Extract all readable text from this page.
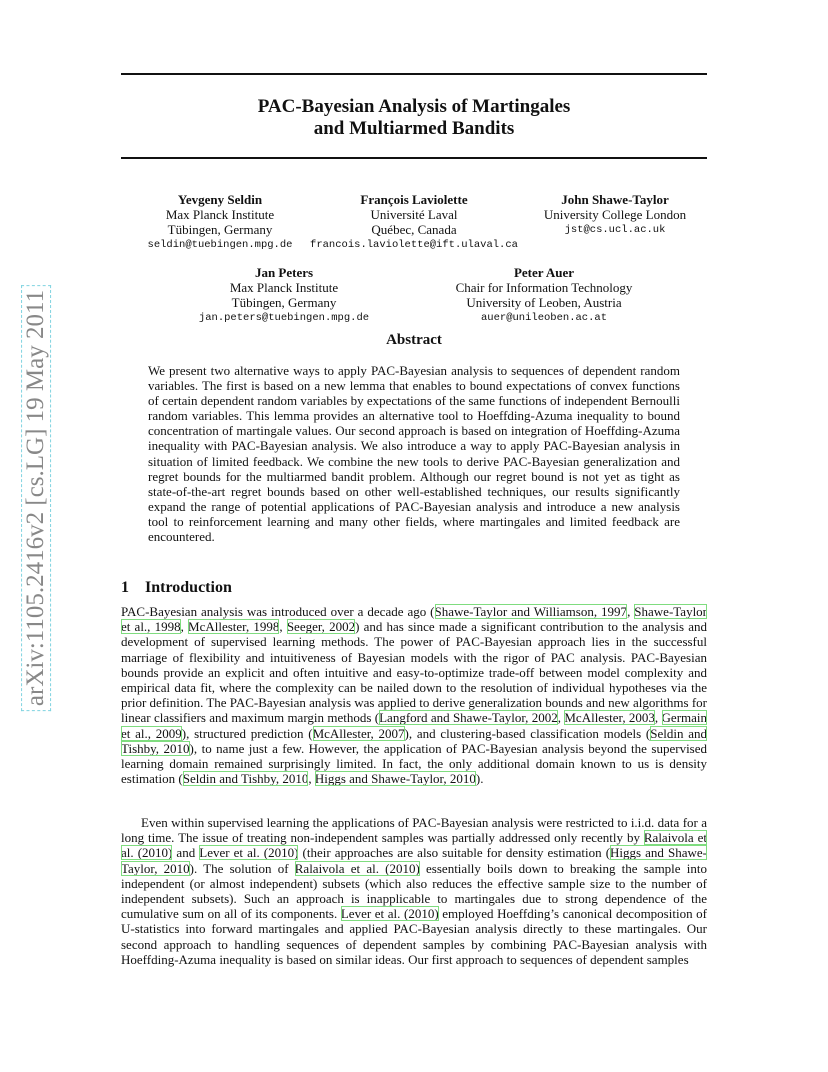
arXiv:1105.2416v2 [cs.LG] 19 May 2011
PAC-Bayesian Analysis of Martingales
and Multiarmed Bandits
Yevgeny Seldin
Max Planck Institute
Tübingen, Germany
seldin@tuebingen.mpg.de
François Laviolette
Université Laval
Québec, Canada
francois.laviolette@ift.ulaval.ca
John Shawe-Taylor
University College London
jst@cs.ucl.ac.uk
Jan Peters
Max Planck Institute
Tübingen, Germany
jan.peters@tuebingen.mpg.de
Peter Auer
Chair for Information Technology
University of Leoben, Austria
auer@unileoben.ac.at
Abstract

We present two alternative ways to apply PAC-Bayesian analysis to sequences of dependent random variables. The first is based on a new lemma that enables to bound expectations of convex functions of certain dependent random variables by expectations of the same functions of independent Bernoulli random variables. This lemma provides an alternative tool to Hoeffding-Azuma inequality to bound concentration of martingale values. Our second approach is based on integration of Hoeffding-Azuma inequality with PAC-Bayesian analysis. We also introduce a way to apply PAC-Bayesian analysis in situation of limited feedback. We combine the new tools to derive PAC-Bayesian generalization and regret bounds for the multiarmed bandit problem. Although our regret bound is not yet as tight as state-of-the-art regret bounds based on other well-established techniques, our results significantly expand the range of potential applications of PAC-Bayesian analysis and introduce a new analysis tool to reinforcement learning and many other fields, where martingales and limited feedback are encountered.

1 Introduction

PAC-Bayesian analysis was introduced over a decade ago (Shawe-Taylor and Williamson, 1997, Shawe-Taylor et al., 1998, McAllester, 1998, Seeger, 2002) and has since made a significant contribution to the analysis and development of supervised learning methods. The power of PAC-Bayesian approach lies in the successful marriage of flexibility and intuitiveness of Bayesian models with the rigor of PAC analysis. PAC-Bayesian bounds provide an explicit and often intuitive and easy-to-optimize trade-off between model complexity and empirical data fit, where the complexity can be nailed down to the resolution of individual hypotheses via the prior definition. The PAC-Bayesian analysis was applied to derive generalization bounds and new algorithms for linear classifiers and maximum margin methods (Langford and Shawe-Taylor, 2002, McAllester, 2003, Germain et al., 2009), structured prediction (McAllester, 2007), and clustering-based classification models (Seldin and Tishby, 2010), to name just a few. However, the application of PAC-Bayesian analysis beyond the supervised learning domain remained surprisingly limited. In fact, the only additional domain known to us is density estimation (Seldin and Tishby, 2010, Higgs and Shawe-Taylor, 2010).

Even within supervised learning the applications of PAC-Bayesian analysis were restricted to i.i.d. data for a long time. The issue of treating non-independent samples was partially addressed only recently by Ralaivola et al. (2010) and Lever et al. (2010) (their approaches are also suitable for density estimation (Higgs and Shawe-Taylor, 2010). The solution of Ralaivola et al. (2010) essentially boils down to breaking the sample into independent (or almost independent) subsets (which also reduces the effective sample size to the number of independent subsets). Such an approach is inapplicable to martingales due to strong dependence of the cumulative sum on all of its components. Lever et al. (2010) employed Hoeffding’s canonical decomposition of U-statistics into forward martingales and applied PAC-Bayesian analysis directly to these martingales. Our second approach to handling sequences of dependent samples by combining PAC-Bayesian analysis with Hoeffding-Azuma inequality is based on similar ideas. Our first approach to sequences of dependent samples
